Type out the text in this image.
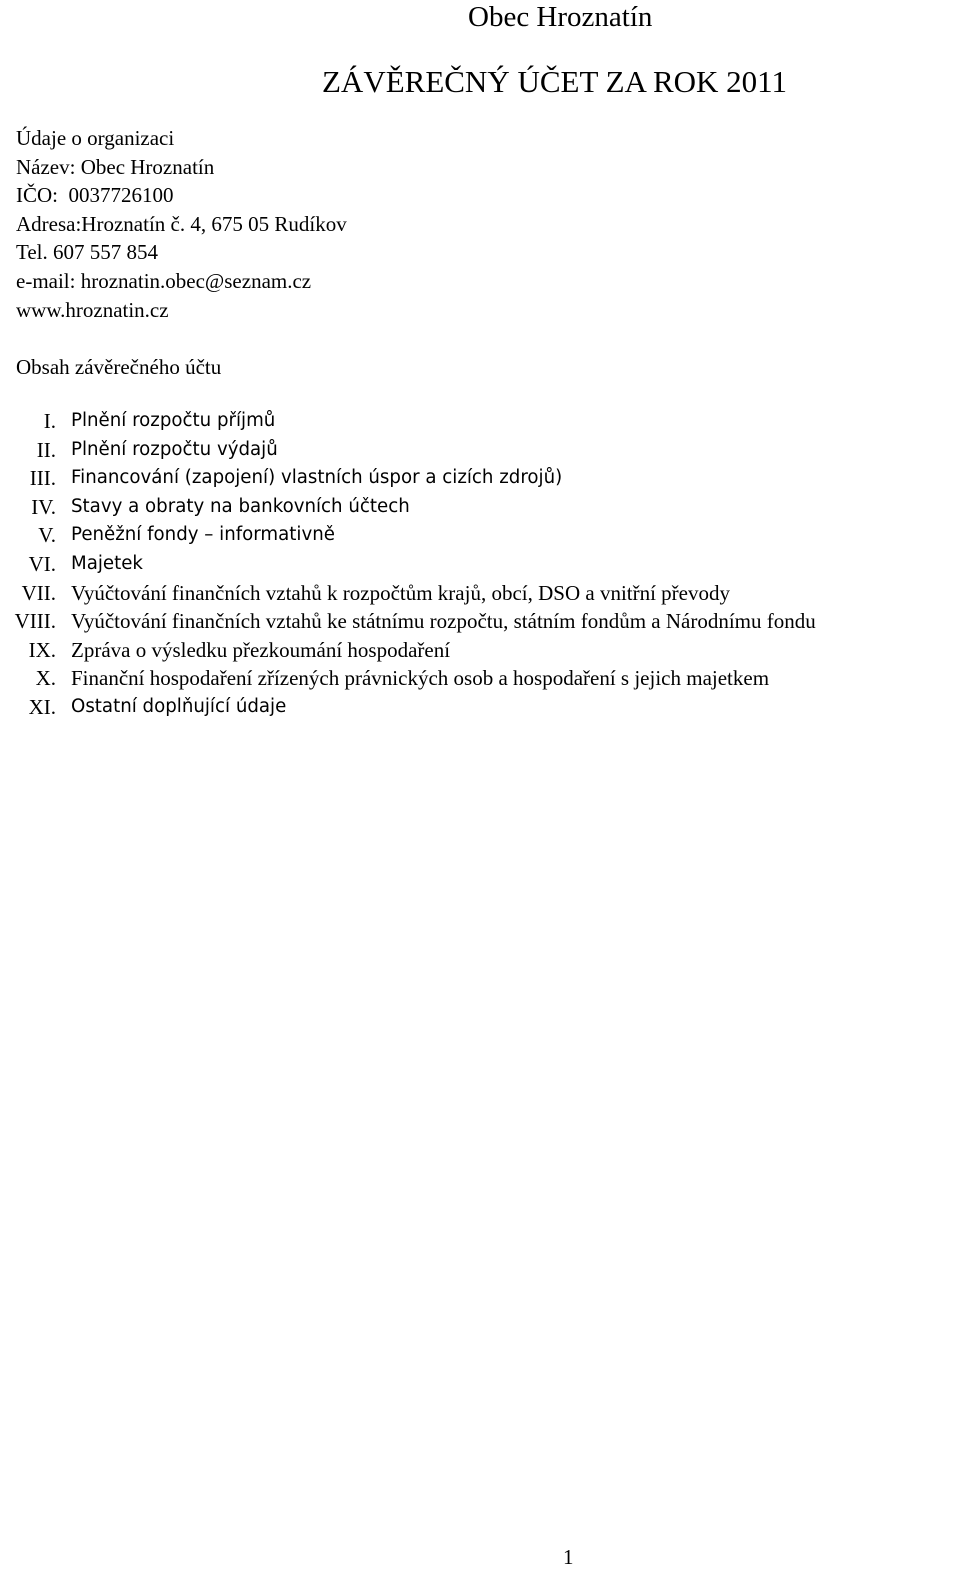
Obec Hroznatín
ZÁVĚREČNÝ ÚČET ZA ROK 2011
Údaje o organizaci
Název: Obec Hroznatín
IČO:  0037726100
Adresa:Hroznatín č. 4, 675 05 Rudíkov
Tel. 607 557 854
e-mail: hroznatin.obec@seznam.cz
www.hroznatin.cz
Obsah závěrečného účtu
I. Plnění rozpočtu příjmů
II. Plnění rozpočtu výdajů
III. Financování (zapojení) vlastních úspor a cizích zdrojů)
IV. Stavy a obraty na bankovních účtech
V. Peněžní fondy – informativně
VI. Majetek
VII. Vyúčtování finančních vztahů k rozpočtům krajů, obcí, DSO a vnitřní převody
VIII. Vyúčtování finančních vztahů ke státnímu rozpočtu, státním fondům a Národnímu fondu
IX. Zpráva o výsledku přezkoumání hospodaření
X. Finanční hospodaření zřízených právnických osob a hospodaření s jejich majetkem
XI. Ostatní doplňující údaje
1
